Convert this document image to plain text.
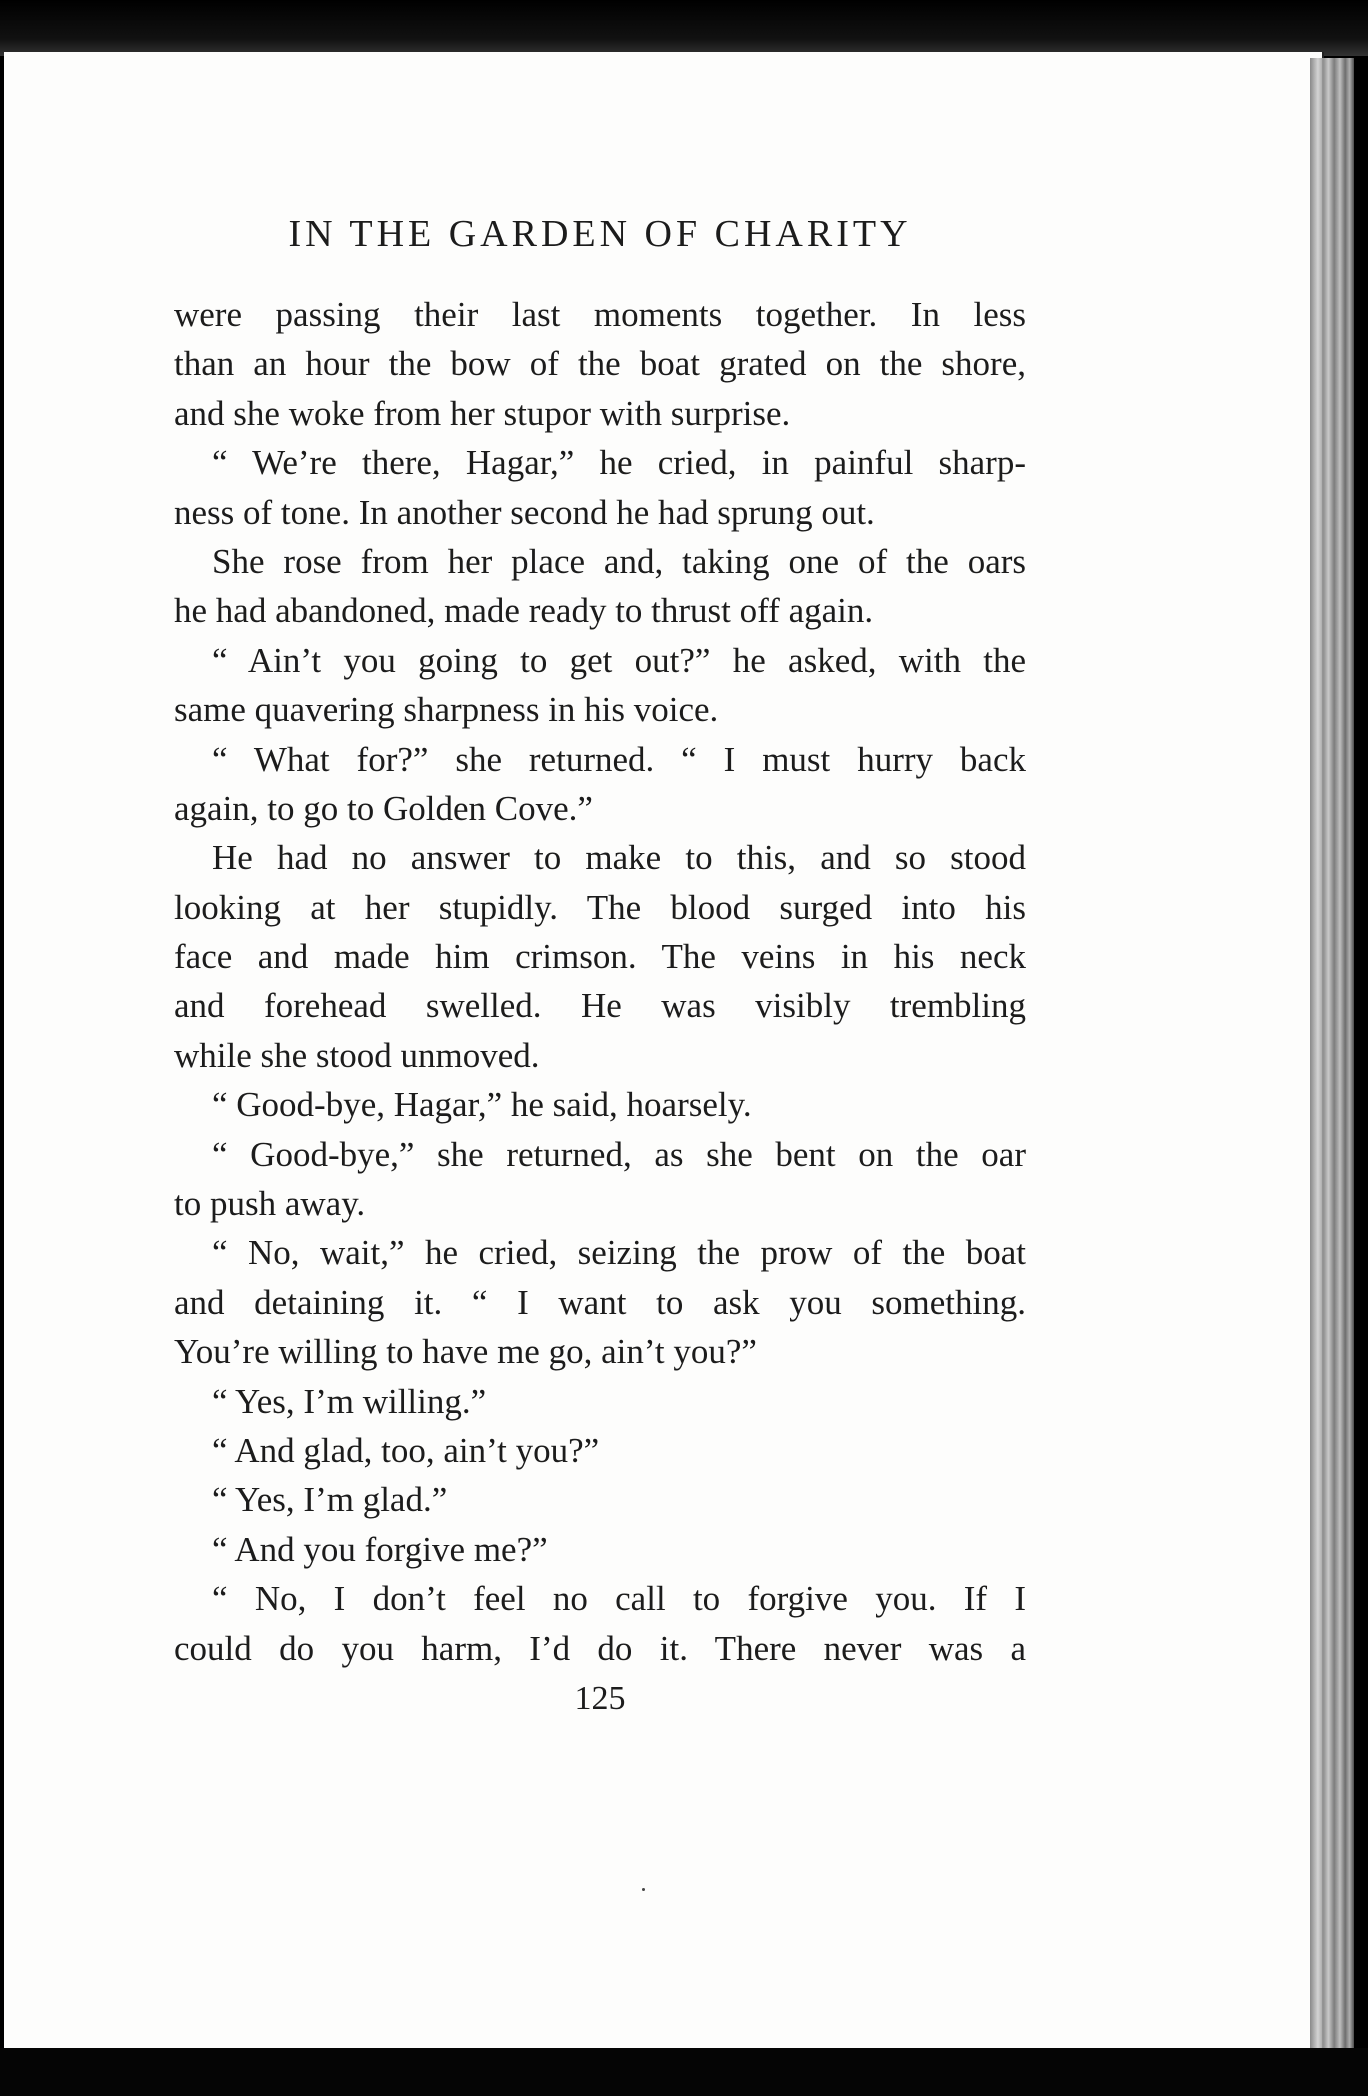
IN THE GARDEN OF CHARITY
were passing their last moments together. In less
than an hour the bow of the boat grated on the shore,
and she woke from her stupor with surprise.
“ We’re there, Hagar,” he cried, in painful sharp-
ness of tone. In another second he had sprung out.
She rose from her place and, taking one of the oars
he had abandoned, made ready to thrust off again.
“ Ain’t you going to get out?” he asked, with the
same quavering sharpness in his voice.
“ What for?” she returned. “ I must hurry back
again, to go to Golden Cove.”
He had no answer to make to this, and so stood
looking at her stupidly. The blood surged into his
face and made him crimson. The veins in his neck
and forehead swelled. He was visibly trembling
while she stood unmoved.
“ Good-bye, Hagar,” he said, hoarsely.
“ Good-bye,” she returned, as she bent on the oar
to push away.
“ No, wait,” he cried, seizing the prow of the boat
and detaining it. “ I want to ask you something.
You’re willing to have me go, ain’t you?”
“ Yes, I’m willing.”
“ And glad, too, ain’t you?”
“ Yes, I’m glad.”
“ And you forgive me?”
“ No, I don’t feel no call to forgive you. If I
could do you harm, I’d do it. There never was a
125
